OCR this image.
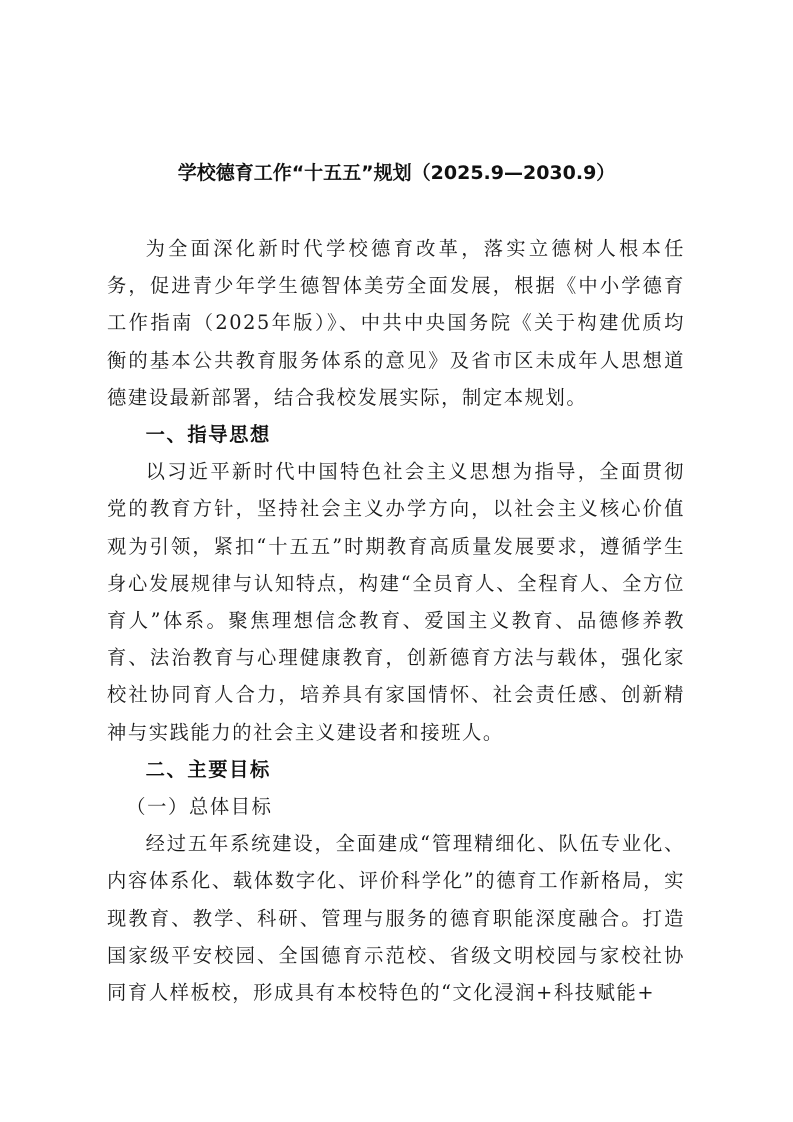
学校德育工作“十五五”规划（2025.9—2030.9）

为全面深化新时代学校德育改革，落实立德树人根本任务，促进青少年学生德智体美劳全面发展，根据《中小学德育工作指南（2025年版）》、中共中央国务院《关于构建优质均衡的基本公共教育服务体系的意见》及省市区未成年人思想道德建设最新部署，结合我校发展实际，制定本规划。

一、指导思想

以习近平新时代中国特色社会主义思想为指导，全面贯彻党的教育方针，坚持社会主义办学方向，以社会主义核心价值观为引领，紧扣“十五五”时期教育高质量发展要求，遵循学生身心发展规律与认知特点，构建“全员育人、全程育人、全方位育人”体系。聚焦理想信念教育、爱国主义教育、品德修养教育、法治教育与心理健康教育，创新德育方法与载体，强化家校社协同育人合力，培养具有家国情怀、社会责任感、创新精神与实践能力的社会主义建设者和接班人。

二、主要目标

（一）总体目标

经过五年系统建设，全面建成“管理精细化、队伍专业化、内容体系化、载体数字化、评价科学化”的德育工作新格局，实现教育、教学、科研、管理与服务的德育职能深度融合。打造国家级平安校园、全国德育示范校、省级文明校园与家校社协同育人样板校，形成具有本校特色的“文化浸润+科技赋能+
